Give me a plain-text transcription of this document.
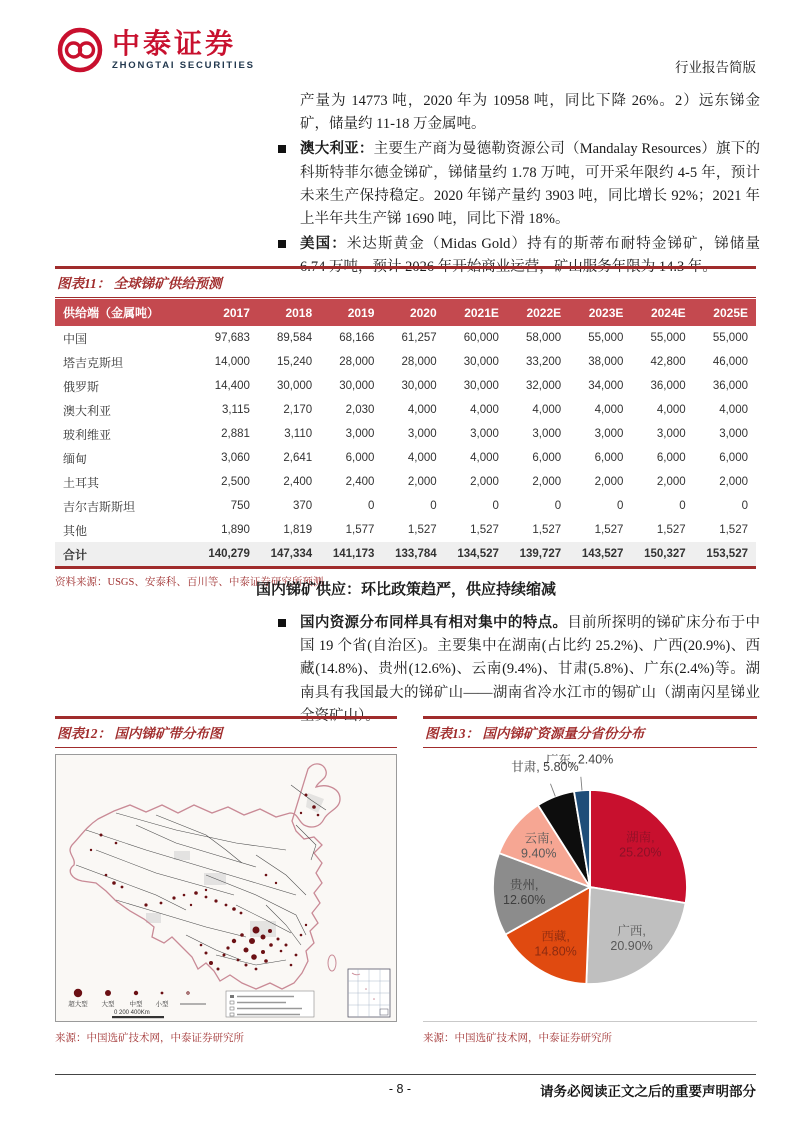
中泰证券
ZHONGTAI SECURITIES	行业报告简版
产量为 14773 吨，2020 年为 10958 吨，同比下降 26%。2）远东锑金矿，储量约 11-18 万金属吨。
澳大利亚：主要生产商为曼德勒资源公司（Mandalay Resources）旗下的科斯特菲尔德金锑矿，锑储量约 1.78 万吨，可开采年限约 4-5 年，预计未来生产保持稳定。2020 年锑产量约 3903 吨，同比增长 92%；2021 年上半年共生产锑 1690 吨，同比下滑 18%。
美国：米达斯黄金（Midas Gold）持有的斯蒂布耐特金锑矿，锑储量 6.74 万吨，预计 2026 年开始商业运营，矿山服务年限为 14.3 年。
图表11： 全球锑矿供给预测
供给端（金属吨）	2017	2018	2019	2020	2021E	2022E	2023E	2024E	2025E
中国	97,683	89,584	68,166	61,257	60,000	58,000	55,000	55,000	55,000
塔吉克斯坦	14,000	15,240	28,000	28,000	30,000	33,200	38,000	42,800	46,000
俄罗斯	14,400	30,000	30,000	30,000	30,000	32,000	34,000	36,000	36,000
澳大利亚	3,115	2,170	2,030	4,000	4,000	4,000	4,000	4,000	4,000
玻利维亚	2,881	3,110	3,000	3,000	3,000	3,000	3,000	3,000	3,000
缅甸	3,060	2,641	6,000	4,000	4,000	6,000	6,000	6,000	6,000
土耳其	2,500	2,400	2,400	2,000	2,000	2,000	2,000	2,000	2,000
吉尔吉斯斯坦	750	370	0	0	0	0	0	0	0
其他	1,890	1,819	1,577	1,527	1,527	1,527	1,527	1,527	1,527
合计	140,279	147,334	141,173	133,784	134,527	139,727	143,527	150,327	153,527
资料来源：USGS、安泰科、百川等、中泰证券研究所预测
国内锑矿供应：环比政策趋严，供应持续缩减
国内资源分布同样具有相对集中的特点。目前所探明的锑矿床分布于中国 19 个省(自治区)。主要集中在湖南(占比约 25.2%)、广西(20.9%)、西藏(14.8%)、贵州(12.6%)、云南(9.4%)、甘肃(5.8%)、广东(2.4%)等。湖南具有我国最大的锑矿山——湖南省冷水江市的锡矿山（湖南闪星锑业全资矿山）。
图表12： 国内锑矿带分布图
超大型 大型 中型 小型
0 200 400Km
来源：中国选矿技术网，中泰证券研究所
图表13： 国内锑矿资源量分省份分布
湖南, 25.20%
广西, 20.90%
西藏, 14.80%
贵州, 12.60%
云南, 9.40%
甘肃, 5.80%
广东, 2.40%
来源：中国选矿技术网，中泰证券研究所
- 8 -	请务必阅读正文之后的重要声明部分
